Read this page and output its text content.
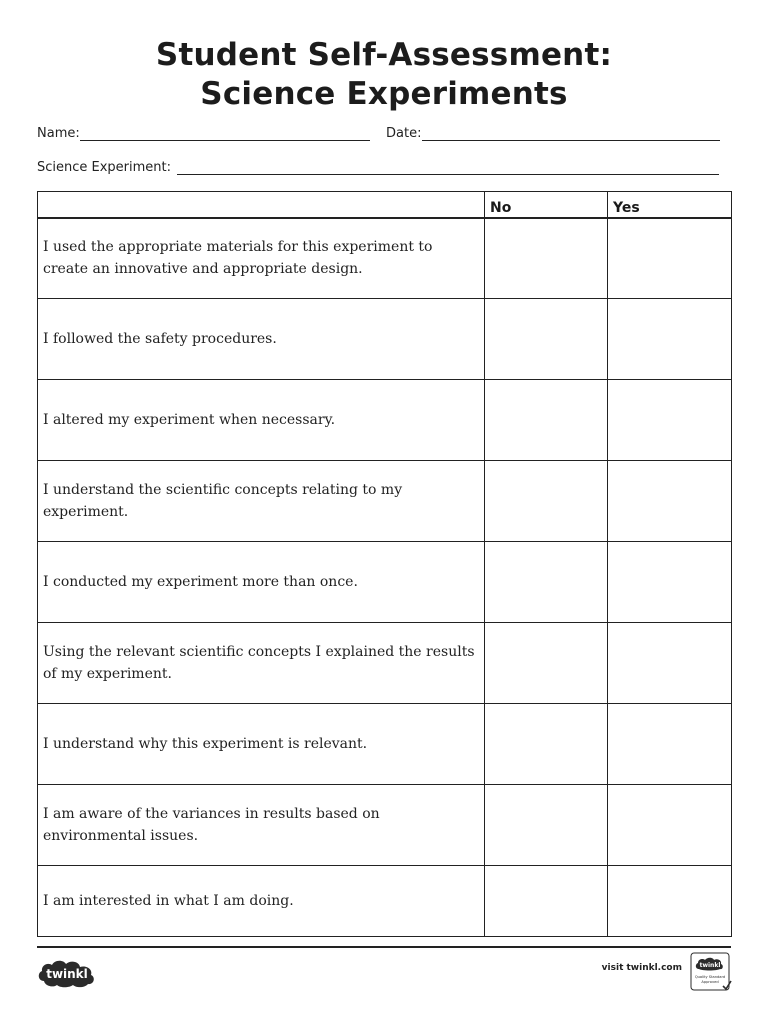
Student Self-Assessment:
Science Experiments
Name:	Date:
Science Experiment:
	No	Yes
I used the appropriate materials for this experiment to create an innovative and appropriate design.		
I followed the safety procedures.		
I altered my experiment when necessary.		
I understand the scientific concepts relating to my experiment.		
I conducted my experiment more than once.		
Using the relevant scientific concepts I explained the results of my experiment.		
I understand why this experiment is relevant.		
I am aware of the variances in results based on environmental issues.		
I am interested in what I am doing.		
twinkl	visit twinkl.com	twinkl
Quality Standard
Approved
